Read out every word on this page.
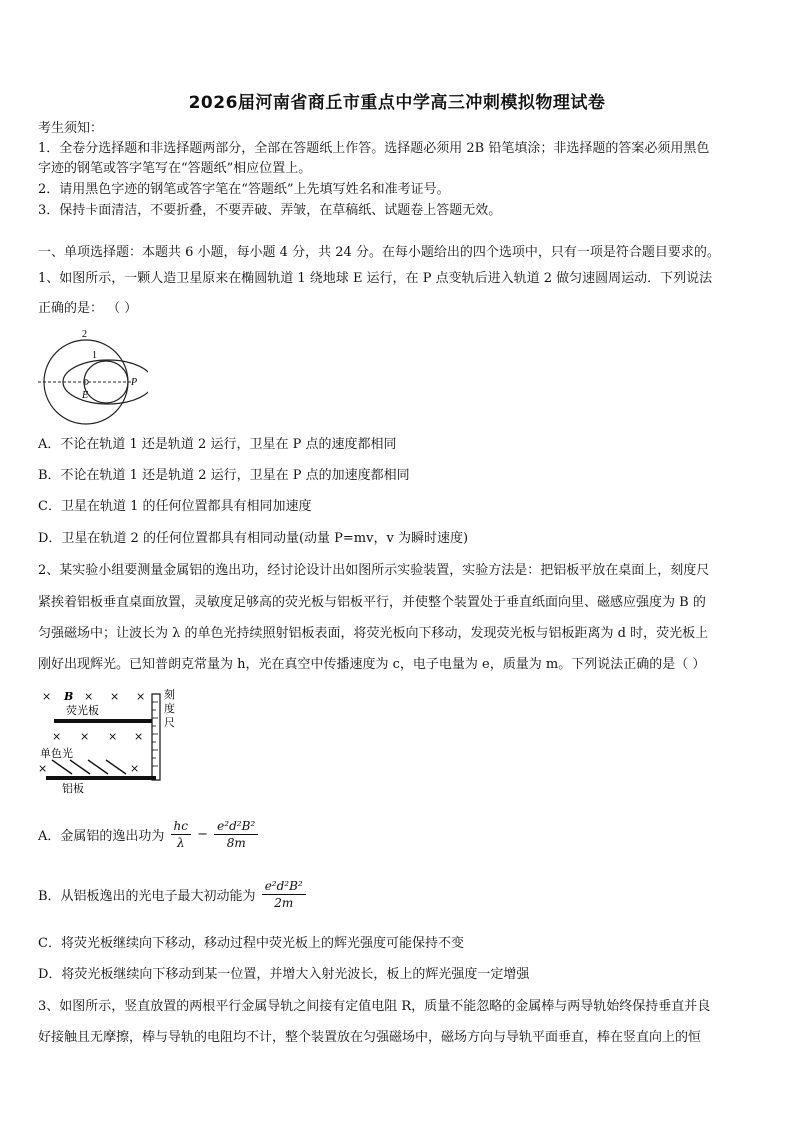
2026届河南省商丘市重点中学高三冲刺模拟物理试卷
考生须知：
1．全卷分选择题和非选择题两部分，全部在答题纸上作答。选择题必须用 2B 铅笔填涂；非选择题的答案必须用黑色
字迹的钢笔或答字笔写在“答题纸”相应位置上。
2．请用黑色字迹的钢笔或答字笔在“答题纸”上先填写姓名和准考证号。
3．保持卡面清洁，不要折叠，不要弄破、弄皱，在草稿纸、试题卷上答题无效。
一、单项选择题：本题共 6 小题，每小题 4 分，共 24 分。在每小题给出的四个选项中，只有一项是符合题目要求的。
1、如图所示，一颗人造卫星原来在椭圆轨道 1 绕地球 E 运行，在 P 点变轨后进入轨道 2 做匀速圆周运动．下列说法
正确的是： （ ）
2
1
E
P
A．不论在轨道 1 还是轨道 2 运行，卫星在 P 点的速度都相同
B．不论在轨道 1 还是轨道 2 运行，卫星在 P 点的加速度都相同
C．卫星在轨道 1 的任何位置都具有相同加速度
D．卫星在轨道 2 的任何位置都具有相同动量(动量 P=mv，v 为瞬时速度)
2、某实验小组要测量金属铝的逸出功，经讨论设计出如图所示实验装置，实验方法是：把铝板平放在桌面上，刻度尺
紧挨着铝板垂直桌面放置，灵敏度足够高的荧光板与铝板平行，并使整个装置处于垂直纸面向里、磁感应强度为 B 的
匀强磁场中；让波长为 λ 的单色光持续照射铝板表面，将荧光板向下移动，发现荧光板与铝板距离为 d 时，荧光板上
刚好出现辉光。已知普朗克常量为 h，光在真空中传播速度为 c，电子电量为 e，质量为 m。下列说法正确的是（ ）
× B × × ×
荧光板
× × × ×
单色光
×	×
铝板
刻
度
尺
A．金属铝的逸出功为 $\frac{hc}{\lambda} - \frac{\text{e²d²B²}}{8m}$
B．从铝板逸出的光电子最大初动能为 $\frac{\text{e²d²B²}}{2m}$
C．将荧光板继续向下移动，移动过程中荧光板上的辉光强度可能保持不变
D．将荧光板继续向下移动到某一位置，并增大入射光波长，板上的辉光强度一定增强
3、如图所示，竖直放置的两根平行金属导轨之间接有定值电阻 R，质量不能忽略的金属棒与两导轨始终保持垂直并良
好接触且无摩擦，棒与导轨的电阻均不计，整个装置放在匀强磁场中，磁场方向与导轨平面垂直，棒在竖直向上的恒
